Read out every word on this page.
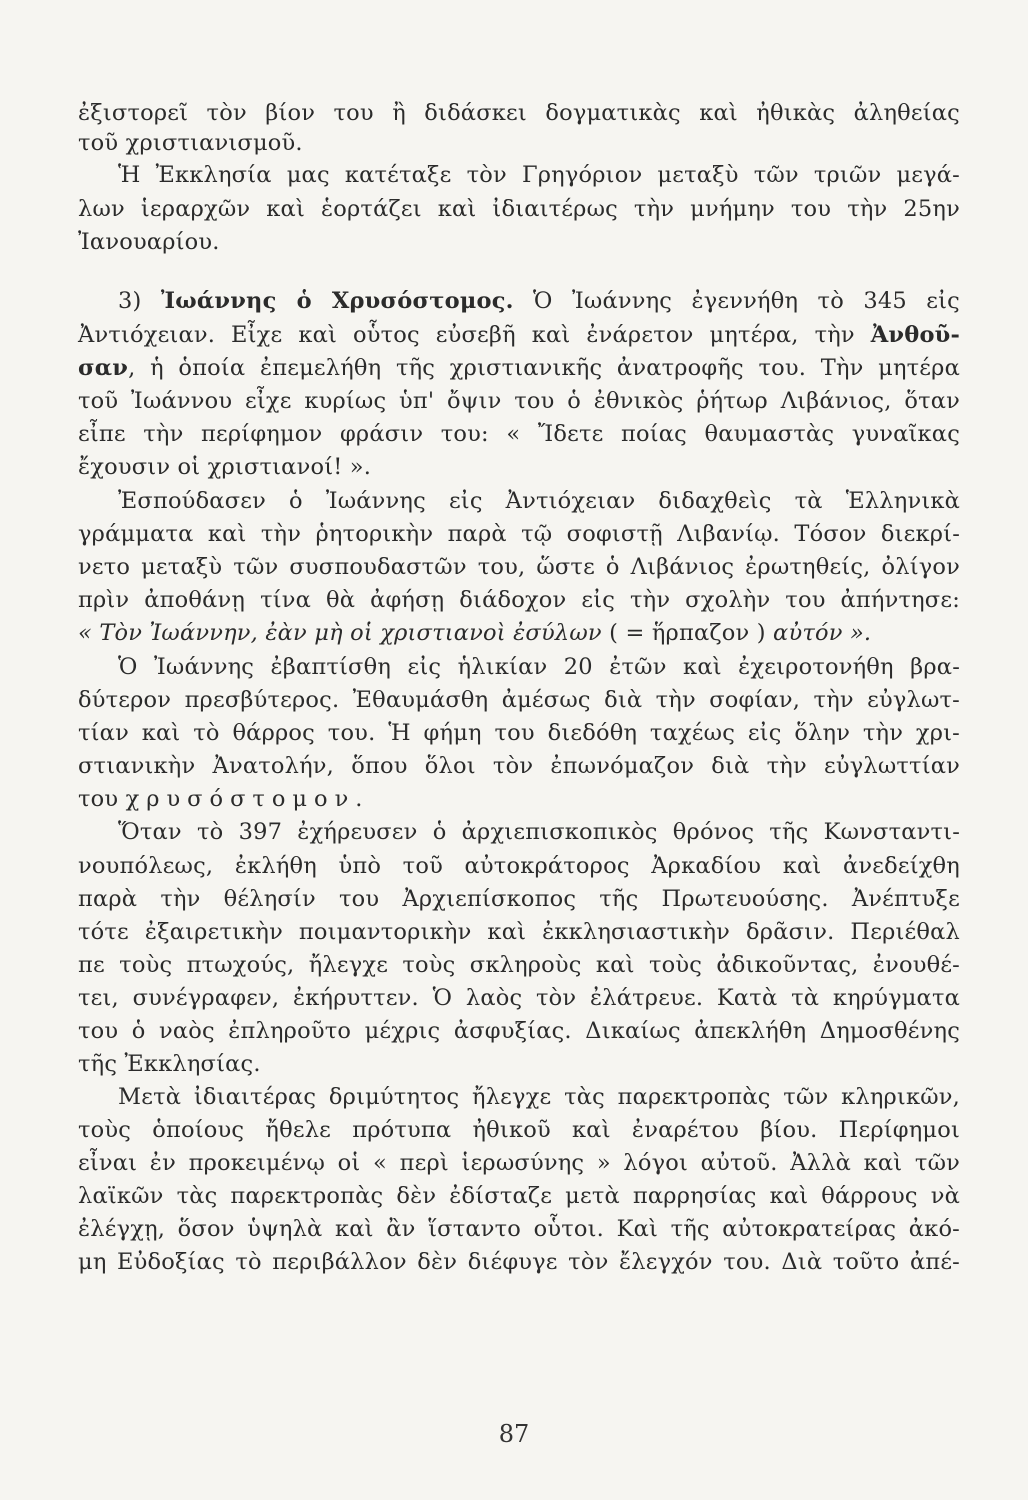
ἐξιστορεῖ τὸν βίον του ἢ διδάσκει δογματικὰς καὶ ἠθικὰς ἀληθείας
τοῦ χριστιανισμοῦ.
Ἡ Ἐκκλησία μας κατέταξε τὸν Γρηγόριον μεταξὺ τῶν τριῶν μεγά-
λων ἱεραρχῶν καὶ ἑορτάζει καὶ ἰδιαιτέρως τὴν μνήμην του τὴν 25ην
Ἰανουαρίου.
3) Ἰωάννης ὁ Χρυσόστομος. Ὁ Ἰωάννης ἐγεννήθη τὸ 345 εἰς
Ἀντιόχειαν. Εἶχε καὶ οὗτος εὐσεβῆ καὶ ἐνάρετον μητέρα, τὴν Ἀνθοῦ-
σαν, ἡ ὁποία ἐπεμελήθη τῆς χριστιανικῆς ἀνατροφῆς του. Τὴν μητέρα
τοῦ Ἰωάννου εἶχε κυρίως ὑπ' ὄψιν του ὁ ἐθνικὸς ῥήτωρ Λιβάνιος, ὅταν
εἶπε τὴν περίφημον φράσιν του: « Ἴδετε ποίας θαυμαστὰς γυναῖκας
ἔχουσιν οἱ χριστιανοί! ».
Ἐσπούδασεν ὁ Ἰωάννης εἰς Ἀντιόχειαν διδαχθεὶς τὰ Ἑλληνικὰ
γράμματα καὶ τὴν ῥητορικὴν παρὰ τῷ σοφιστῇ Λιβανίῳ. Τόσον διεκρί-
νετο μεταξὺ τῶν συσπουδαστῶν του, ὥστε ὁ Λιβάνιος ἐρωτηθείς, ὀλίγον
πρὶν ἀποθάνῃ τίνα θὰ ἀφήσῃ διάδοχον εἰς τὴν σχολὴν του ἀπήντησε:
« Τὸν Ἰωάννην, ἐὰν μὴ οἱ χριστιανοὶ ἐσύλων ( = ἥρπαζον ) αὐτόν ».
Ὁ Ἰωάννης ἐβαπτίσθη εἰς ἡλικίαν 20 ἐτῶν καὶ ἐχειροτονήθη βρα-
δύτερον πρεσβύτερος. Ἐθαυμάσθη ἀμέσως διὰ τὴν σοφίαν, τὴν εὐγλωτ-
τίαν καὶ τὸ θάρρος του. Ἡ φήμη του διεδόθη ταχέως εἰς ὅλην τὴν χρι-
στιανικὴν Ἀνατολήν, ὅπου ὅλοι τὸν ἐπωνόμαζον διὰ τὴν εὐγλωττίαν
του χρυσόστομον.
Ὅταν τὸ 397 ἐχήρευσεν ὁ ἀρχιεπισκοπικὸς θρόνος τῆς Κωνσταντι-
νουπόλεως, ἐκλήθη ὑπὸ τοῦ αὐτοκράτορος Ἀρκαδίου καὶ ἀνεδείχθη
παρὰ τὴν θέλησίν του Ἀρχιεπίσκοπος τῆς Πρωτευούσης. Ἀνέπτυξε
τότε ἐξαιρετικὴν ποιμαντορικὴν καὶ ἐκκλησιαστικὴν δρᾶσιν. Περιέθαλ
πε τοὺς πτωχούς, ἤλεγχε τοὺς σκληροὺς καὶ τοὺς ἀδικοῦντας, ἐνουθέ-
τει, συνέγραφεν, ἐκήρυττεν. Ὁ λαὸς τὸν ἐλάτρευε. Κατὰ τὰ κηρύγματα
του ὁ ναὸς ἐπληροῦτο μέχρις ἀσφυξίας. Δικαίως ἀπεκλήθη Δημοσθένης
τῆς Ἐκκλησίας.
Μετὰ ἰδιαιτέρας δριμύτητος ἤλεγχε τὰς παρεκτροπὰς τῶν κληρικῶν,
τοὺς ὁποίους ἤθελε πρότυπα ἠθικοῦ καὶ ἐναρέτου βίου. Περίφημοι
εἶναι ἐν προκειμένῳ οἱ « περὶ ἱερωσύνης » λόγοι αὐτοῦ. Ἀλλὰ καὶ τῶν
λαϊκῶν τὰς παρεκτροπὰς δὲν ἐδίσταζε μετὰ παρρησίας καὶ θάρρους νὰ
ἐλέγχῃ, ὅσον ὑψηλὰ καὶ ἂν ἵσταντο οὗτοι. Καὶ τῆς αὐτοκρατείρας ἀκό-
μη Εὐδοξίας τὸ περιβάλλον δὲν διέφυγε τὸν ἔλεγχόν του. Διὰ τοῦτο ἀπέ-
87
